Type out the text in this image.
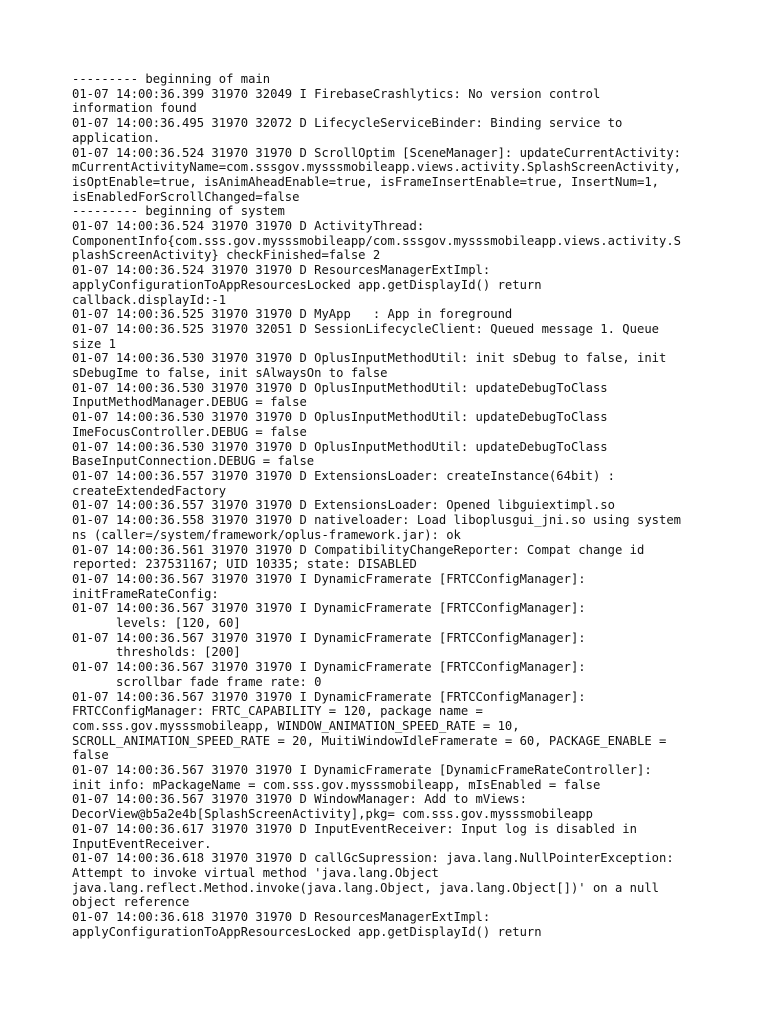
--------- beginning of main
01-07 14:00:36.399 31970 32049 I FirebaseCrashlytics: No version control
information found
01-07 14:00:36.495 31970 32072 D LifecycleServiceBinder: Binding service to
application.
01-07 14:00:36.524 31970 31970 D ScrollOptim [SceneManager]: updateCurrentActivity:
mCurrentActivityName=com.sssgov.mysssmobileapp.views.activity.SplashScreenActivity,
isOptEnable=true, isAnimAheadEnable=true, isFrameInsertEnable=true, InsertNum=1,
isEnabledForScrollChanged=false
--------- beginning of system
01-07 14:00:36.524 31970 31970 D ActivityThread:
ComponentInfo{com.sss.gov.mysssmobileapp/com.sssgov.mysssmobileapp.views.activity.S
plashScreenActivity} checkFinished=false 2
01-07 14:00:36.524 31970 31970 D ResourcesManagerExtImpl:
applyConfigurationToAppResourcesLocked app.getDisplayId() return
callback.displayId:-1
01-07 14:00:36.525 31970 31970 D MyApp   : App in foreground
01-07 14:00:36.525 31970 32051 D SessionLifecycleClient: Queued message 1. Queue
size 1
01-07 14:00:36.530 31970 31970 D OplusInputMethodUtil: init sDebug to false, init
sDebugIme to false, init sAlwaysOn to false
01-07 14:00:36.530 31970 31970 D OplusInputMethodUtil: updateDebugToClass
InputMethodManager.DEBUG = false
01-07 14:00:36.530 31970 31970 D OplusInputMethodUtil: updateDebugToClass
ImeFocusController.DEBUG = false
01-07 14:00:36.530 31970 31970 D OplusInputMethodUtil: updateDebugToClass
BaseInputConnection.DEBUG = false
01-07 14:00:36.557 31970 31970 D ExtensionsLoader: createInstance(64bit) :
createExtendedFactory
01-07 14:00:36.557 31970 31970 D ExtensionsLoader: Opened libguiextimpl.so
01-07 14:00:36.558 31970 31970 D nativeloader: Load liboplusgui_jni.so using system
ns (caller=/system/framework/oplus-framework.jar): ok
01-07 14:00:36.561 31970 31970 D CompatibilityChangeReporter: Compat change id
reported: 237531167; UID 10335; state: DISABLED
01-07 14:00:36.567 31970 31970 I DynamicFramerate [FRTCConfigManager]:
initFrameRateConfig:
01-07 14:00:36.567 31970 31970 I DynamicFramerate [FRTCConfigManager]:
levels: [120, 60]
01-07 14:00:36.567 31970 31970 I DynamicFramerate [FRTCConfigManager]:
thresholds: [200]
01-07 14:00:36.567 31970 31970 I DynamicFramerate [FRTCConfigManager]:
scrollbar fade frame rate: 0
01-07 14:00:36.567 31970 31970 I DynamicFramerate [FRTCConfigManager]:
FRTCConfigManager: FRTC_CAPABILITY = 120, package name =
com.sss.gov.mysssmobileapp, WINDOW_ANIMATION_SPEED_RATE = 10,
SCROLL_ANIMATION_SPEED_RATE = 20, MuitiWindowIdleFramerate = 60, PACKAGE_ENABLE =
false
01-07 14:00:36.567 31970 31970 I DynamicFramerate [DynamicFrameRateController]:
init info: mPackageName = com.sss.gov.mysssmobileapp, mIsEnabled = false
01-07 14:00:36.567 31970 31970 D WindowManager: Add to mViews:
DecorView@b5a2e4b[SplashScreenActivity],pkg= com.sss.gov.mysssmobileapp
01-07 14:00:36.617 31970 31970 D InputEventReceiver: Input log is disabled in
InputEventReceiver.
01-07 14:00:36.618 31970 31970 D callGcSupression: java.lang.NullPointerException:
Attempt to invoke virtual method 'java.lang.Object
java.lang.reflect.Method.invoke(java.lang.Object, java.lang.Object[])' on a null
object reference
01-07 14:00:36.618 31970 31970 D ResourcesManagerExtImpl:
applyConfigurationToAppResourcesLocked app.getDisplayId() return
